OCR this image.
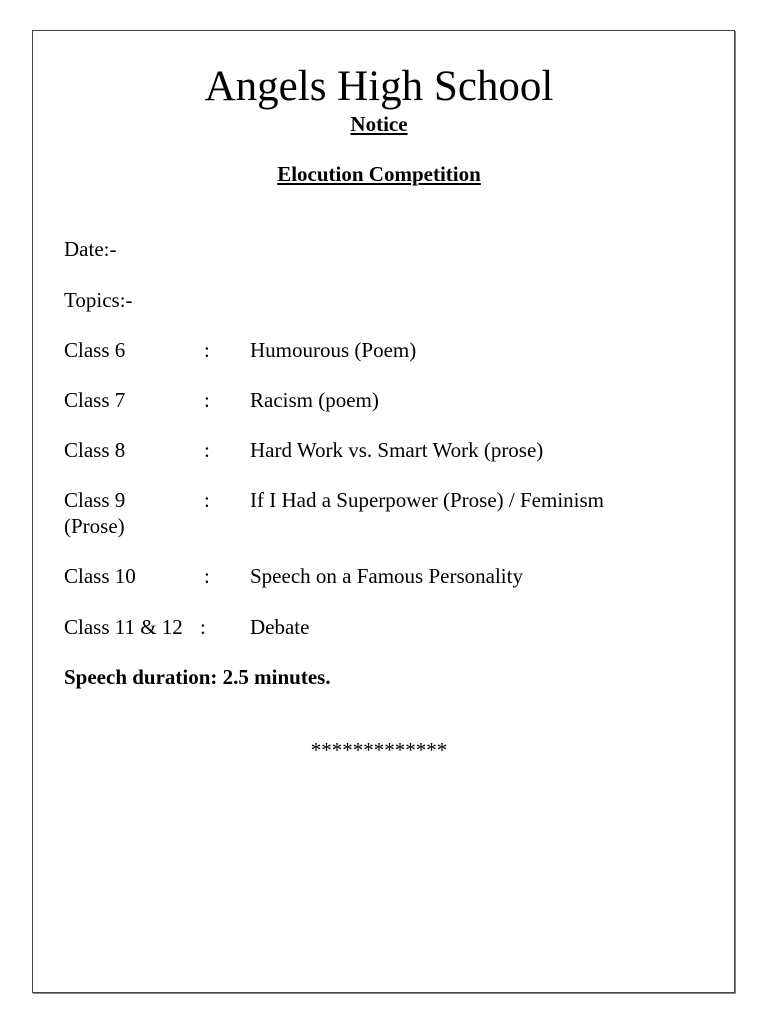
Angels High School
Notice
Elocution Competition
Date:-
Topics:-
Class 6	: Humourous (Poem)
Class 7	: Racism (poem)
Class 8	: Hard Work vs. Smart Work (prose)
Class 9	: If I Had a Superpower (Prose) / Feminism
(Prose)
Class 10	: Speech on a Famous Personality
Class 11 & 12 : Debate
Speech duration: 2.5 minutes.
*************
